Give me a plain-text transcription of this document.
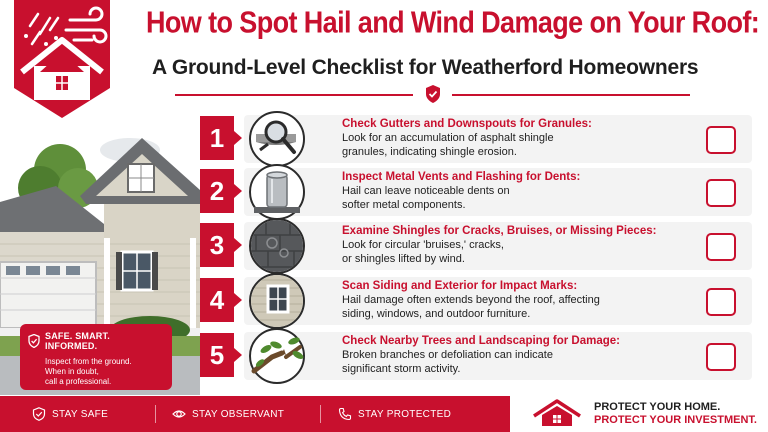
How to Spot Hail and Wind Damage on Your Roof:
A Ground-Level Checklist for Weatherford Homeowners
SAFE. SMART. INFORMED.
Inspect from the ground.
When in doubt,
call a professional.
1	Check Gutters and Downspouts for Granules:
Look for an accumulation of asphalt shingle
granules, indicating shingle erosion.
2	Inspect Metal Vents and Flashing for Dents:
Hail can leave noticeable dents on
softer metal components.
3	Examine Shingles for Cracks, Bruises, or Missing Pieces:
Look for circular 'bruises,' cracks,
or shingles lifted by wind.
4	Scan Siding and Exterior for Impact Marks:
Hail damage often extends beyond the roof, affecting
siding, windows, and outdoor furniture.
5	Check Nearby Trees and Landscaping for Damage:
Broken branches or defoliation can indicate
significant storm activity.
STAY SAFE	STAY OBSERVANT	STAY PROTECTED
PROTECT YOUR HOME.
PROTECT YOUR INVESTMENT.
